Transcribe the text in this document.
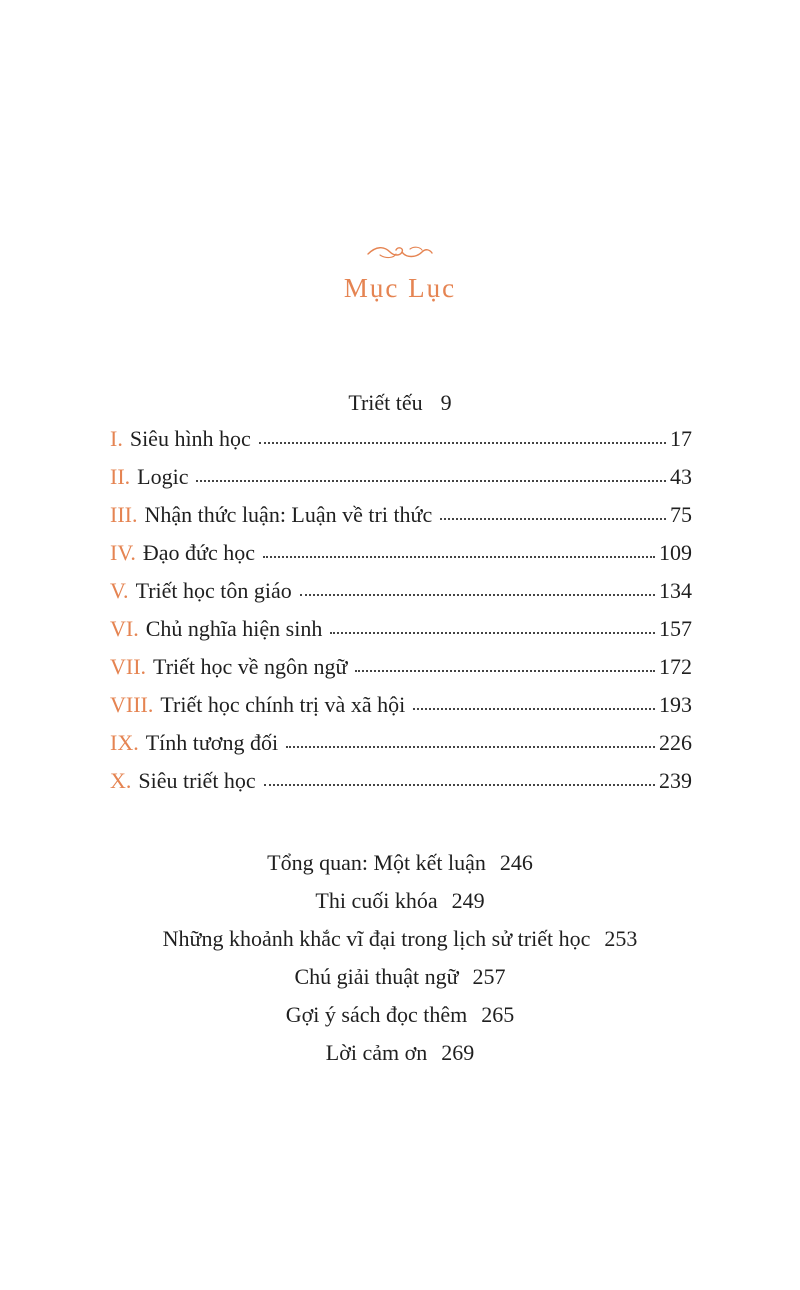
Mục Lục
Triết tếu 9
I. Siêu hình học	17
II. Logic	43
III. Nhận thức luận: Luận về tri thức	75
IV. Đạo đức học	109
V. Triết học tôn giáo	134
VI. Chủ nghĩa hiện sinh	157
VII. Triết học về ngôn ngữ	172
VIII. Triết học chính trị và xã hội	193
IX. Tính tương đối	226
X. Siêu triết học	239
Tổng quan: Một kết luận 246
Thi cuối khóa 249
Những khoảnh khắc vĩ đại trong lịch sử triết học 253
Chú giải thuật ngữ 257
Gợi ý sách đọc thêm 265
Lời cảm ơn 269
